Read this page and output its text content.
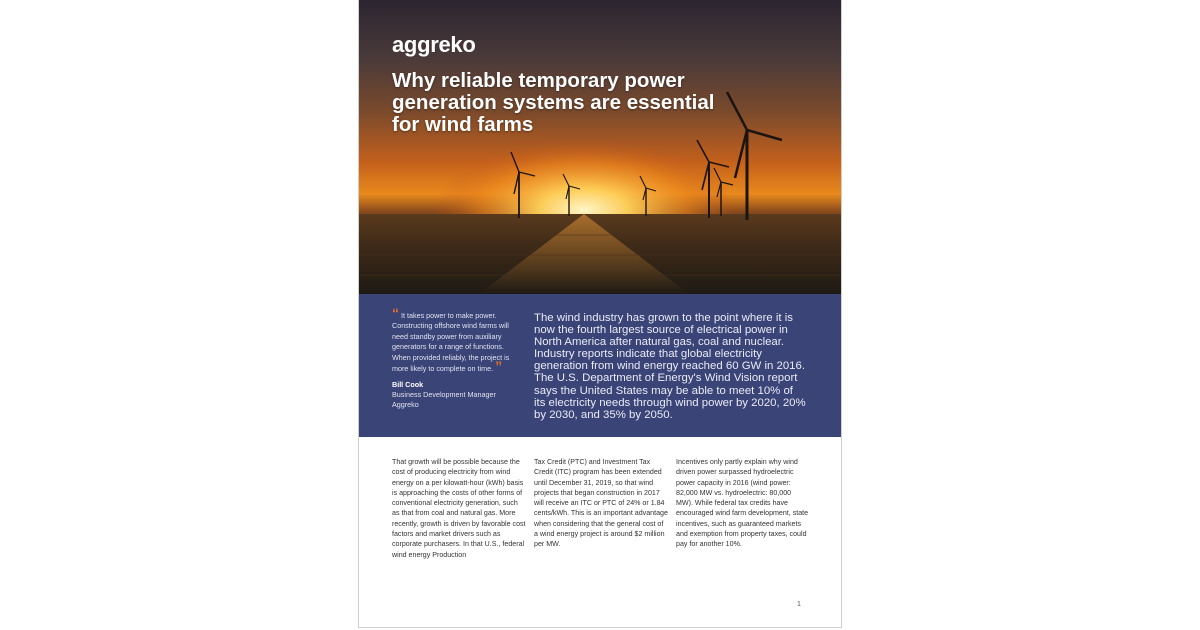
aggreko
Why reliable temporary power generation systems are essential for wind farms
“ It takes power to make power. Constructing offshore wind farms will need standby power from auxiliary generators for a range of functions. When provided reliably, the project is more likely to complete on time. ”
Bill Cook
Business Development Manager
Aggreko
The wind industry has grown to the point where it is now the fourth largest source of electrical power in North America after natural gas, coal and nuclear. Industry reports indicate that global electricity generation from wind energy reached 60 GW in 2016. The U.S. Department of Energy's Wind Vision report says the United States may be able to meet 10% of its electricity needs through wind power by 2020, 20% by 2030, and 35% by 2050.
That growth will be possible because the cost of producing electricity from wind energy on a per kilowatt-hour (kWh) basis is approaching the costs of other forms of conventional electricity generation, such as that from coal and natural gas. More recently, growth is driven by favorable cost factors and market drivers such as corporate purchasers. In that U.S., federal wind energy Production
Tax Credit (PTC) and Investment Tax Credit (ITC) program has been extended until December 31, 2019, so that wind projects that began construction in 2017 will receive an ITC or PTC of 24% or 1.84 cents/kWh. This is an important advantage when considering that the general cost of a wind energy project is around $2 million per MW.
Incentives only partly explain why wind driven power surpassed hydroelectric power capacity in 2016 (wind power: 82,000 MW vs. hydroelectric: 80,000 MW). While federal tax credits have encouraged wind farm development, state incentives, such as guaranteed markets and exemption from property taxes, could pay for another 10%.
1
